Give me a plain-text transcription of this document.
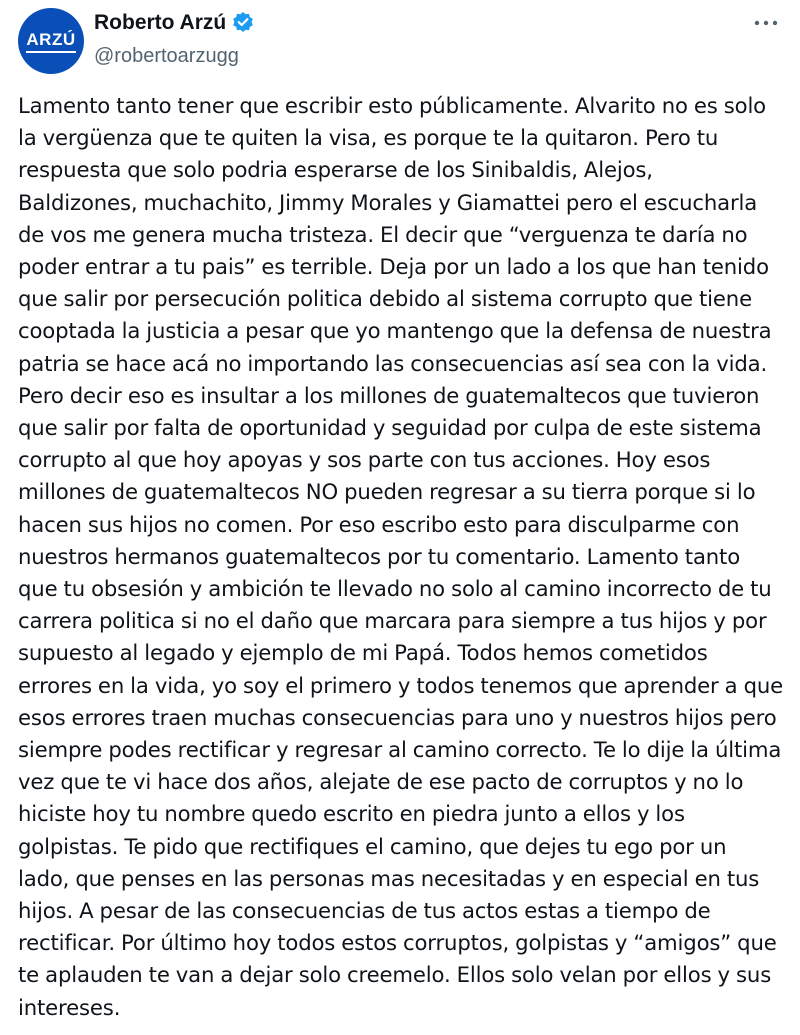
ARZÚ
Roberto Arzú
@robertoarzugg

Lamento tanto tener que escribir esto públicamente. Alvarito no es solo
la vergüenza que te quiten la visa, es porque te la quitaron. Pero tu
respuesta que solo podria esperarse de los Sinibaldis, Alejos,
Baldizones, muchachito, Jimmy Morales y Giamattei pero el escucharla
de vos me genera mucha tristeza. El decir que “verguenza te daría no
poder entrar a tu pais” es terrible. Deja por un lado a los que han tenido
que salir por persecución politica debido al sistema corrupto que tiene
cooptada la justicia a pesar que yo mantengo que la defensa de nuestra
patria se hace acá no importando las consecuencias así sea con la vida.
Pero decir eso es insultar a los millones de guatemaltecos que tuvieron
que salir por falta de oportunidad y seguidad por culpa de este sistema
corrupto al que hoy apoyas y sos parte con tus acciones. Hoy esos
millones de guatemaltecos NO pueden regresar a su tierra porque si lo
hacen sus hijos no comen. Por eso escribo esto para disculparme con
nuestros hermanos guatemaltecos por tu comentario. Lamento tanto
que tu obsesión y ambición te llevado no solo al camino incorrecto de tu
carrera politica si no el daño que marcara para siempre a tus hijos y por
supuesto al legado y ejemplo de mi Papá. Todos hemos cometidos
errores en la vida, yo soy el primero y todos tenemos que aprender a que
esos errores traen muchas consecuencias para uno y nuestros hijos pero
siempre podes rectificar y regresar al camino correcto. Te lo dije la última
vez que te vi hace dos años, alejate de ese pacto de corruptos y no lo
hiciste hoy tu nombre quedo escrito en piedra junto a ellos y los
golpistas. Te pido que rectifiques el camino, que dejes tu ego por un
lado, que penses en las personas mas necesitadas y en especial en tus
hijos. A pesar de las consecuencias de tus actos estas a tiempo de
rectificar. Por último hoy todos estos corruptos, golpistas y “amigos” que
te aplauden te van a dejar solo creemelo. Ellos solo velan por ellos y sus
intereses.
